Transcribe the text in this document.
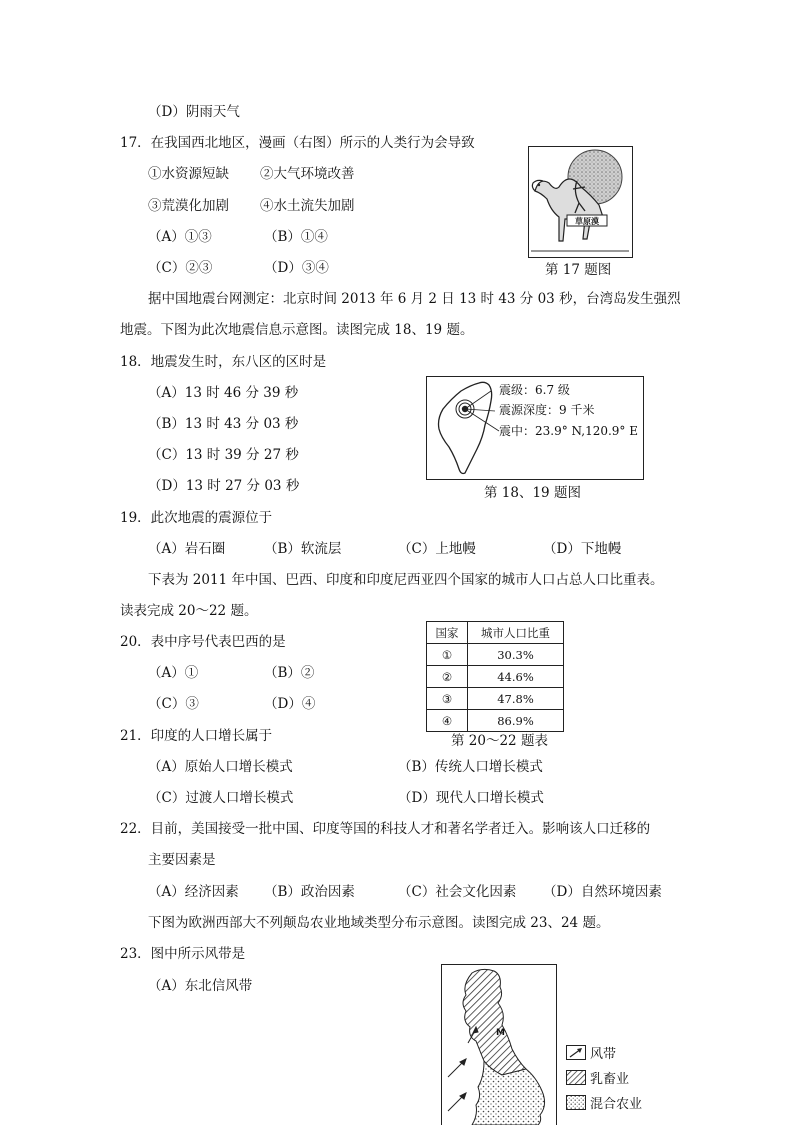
（D）阴雨天气
17．在我国西北地区，漫画（右图）所示的人类行为会导致
①水资源短缺 ②大气环境改善
③荒漠化加剧 ④水土流失加剧
（A）①③	（B）①④
（C）②③	（D）③④
草原漠
第 17 题图
据中国地震台网测定：北京时间 2013 年 6 月 2 日 13 时 43 分 03 秒，台湾岛发生强烈
地震。下图为此次地震信息示意图。读图完成 18、19 题。
18．地震发生时，东八区的区时是
（A）13 时 46 分 39 秒
（B）13 时 43 分 03 秒
（C）13 时 39 分 27 秒
（D）13 时 27 分 03 秒
震级：6.7 级
震源深度：9 千米
震中：23.9° N,120.9° E
第 18、19 题图
19．此次地震的震源位于
（A）岩石圈	（B）软流层	（C）上地幔	（D）下地幔
下表为 2011 年中国、巴西、印度和印度尼西亚四个国家的城市人口占总人口比重表。
读表完成 20～22 题。
20．表中序号代表巴西的是
（A）①	（B）②
（C）③	（D）④
国家	城市人口比重
①	30.3%
②	44.6%
③	47.8%
④	86.9%
第 20～22 题表
21．印度的人口增长属于
（A）原始人口增长模式	（B）传统人口增长模式
（C）过渡人口增长模式	（D）现代人口增长模式
22．目前，美国接受一批中国、印度等国的科技人才和著名学者迁入。影响该人口迁移的
主要因素是
（A）经济因素 （B）政治因素	（C）社会文化因素 （D）自然环境因素
下图为欧洲西部大不列颠岛农业地域类型分布示意图。读图完成 23、24 题。
23．图中所示风带是
（A）东北信风带
M
风带
乳畜业
混合农业
